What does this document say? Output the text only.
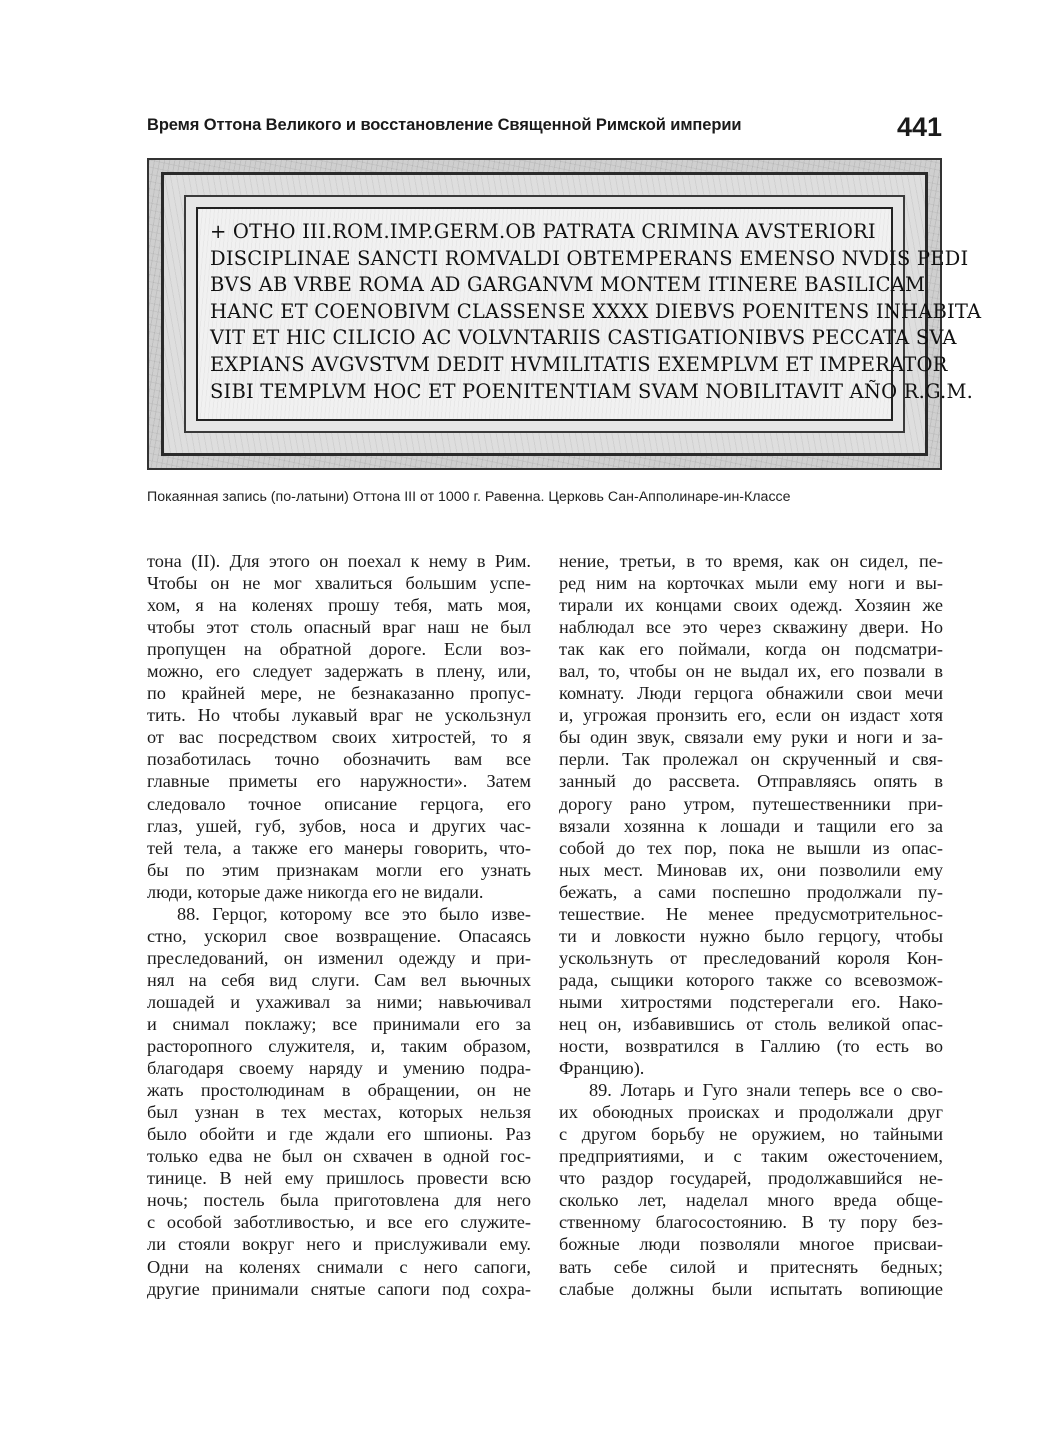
Время Оттона Великого и восстановление Священной Римской империи	441
+ OTHO III.ROM.IMP.GERM.OB PATRATA CRIMINA AVSTERIORI
DISCIPLINAE SANCTI ROMVALDI OBTEMPERANS EMENSO NVDIS PEDI
BVS AB VRBE ROMA AD GARGANVM MONTEM ITINERE BASILICAM
HANC ET COENOBIVM CLASSENSE XXXX DIEBVS POENITENS INHABITA
VIT ET HIC CILICIO AC VOLVNTARIIS CASTIGATIONIBVS PECCATA SVA
EXPIANS AVGVSTVM DEDIT HVMILITATIS EXEMPLVM ET IMPERATOR
SIBI TEMPLVM HOC ET POENITENTIAM SVAM NOBILITAVIT AÑO R.G.M.
Покаянная запись (по-латыни) Оттона III от 1000 г. Равенна. Церковь Сан-Апполинаре-ин-Классе
тона (II). Для этого он поехал к нему в Рим.
Чтобы он не мог хвалиться большим успе-
хом, я на коленях прошу тебя, мать моя,
чтобы этот столь опасный враг наш не был
пропущен на обратной дороге. Если воз-
можно, его следует задержать в плену, или,
по крайней мере, не безнаказанно пропус-
тить. Но чтобы лукавый враг не ускользнул
от вас посредством своих хитростей, то я
позаботилась точно обозначить вам все
главные приметы его наружности». Затем
следовало точное описание герцога, его
глаз, ушей, губ, зубов, носа и других час-
тей тела, а также его манеры говорить, что-
бы по этим признакам могли его узнать
люди, которые даже никогда его не видали.
88. Герцог, которому все это было изве-
стно, ускорил свое возвращение. Опасаясь
преследований, он изменил одежду и при-
нял на себя вид слуги. Сам вел вьючных
лошадей и ухаживал за ними; навьючивал
и снимал поклажу; все принимали его за
расторопного служителя, и, таким образом,
благодаря своему наряду и умению подра-
жать простолюдинам в обращении, он не
был узнан в тех местах, которых нельзя
было обойти и где ждали его шпионы. Раз
только едва не был он схвачен в одной гос-
тинице. В ней ему пришлось провести всю
ночь; постель была приготовлена для него
с особой заботливостью, и все его служите-
ли стояли вокруг него и прислуживали ему.
Одни на коленях снимали с него сапоги,
другие принимали снятые сапоги под сохра-
нение, третьи, в то время, как он сидел, пе-
ред ним на корточках мыли ему ноги и вы-
тирали их концами своих одежд. Хозяин же
наблюдал все это через скважину двери. Но
так как его поймали, когда он подсматри-
вал, то, чтобы он не выдал их, его позвали в
комнату. Люди герцога обнажили свои мечи
и, угрожая пронзить его, если он издаст хотя
бы один звук, связали ему руки и ноги и за-
перли. Так пролежал он скрученный и свя-
занный до рассвета. Отправляясь опять в
дорогу рано утром, путешественники при-
вязали хозянна к лошади и тащили его за
собой до тех пор, пока не вышли из опас-
ных мест. Миновав их, они позволили ему
бежать, а сами поспешно продолжали пу-
тешествие. Не менее предусмотрительнос-
ти и ловкости нужно было герцогу, чтобы
ускользнуть от преследований короля Кон-
рада, сыщики которого также со всевозмож-
ными хитростями подстерегали его. Нако-
нец он, избавившись от столь великой опас-
ности, возвратился в Галлию (то есть во
Францию).
89. Лотарь и Гуго знали теперь все о сво-
их обоюдных происках и продолжали друг
с другом борьбу не оружием, но тайными
предприятиями, и с таким ожесточением,
что раздор государей, продолжавшийся не-
сколько лет, наделал много вреда обще-
ственному благосостоянию. В ту пору без-
божные люди позволяли многое присваи-
вать себе силой и притеснять бедных;
слабые должны были испытать вопиющие
